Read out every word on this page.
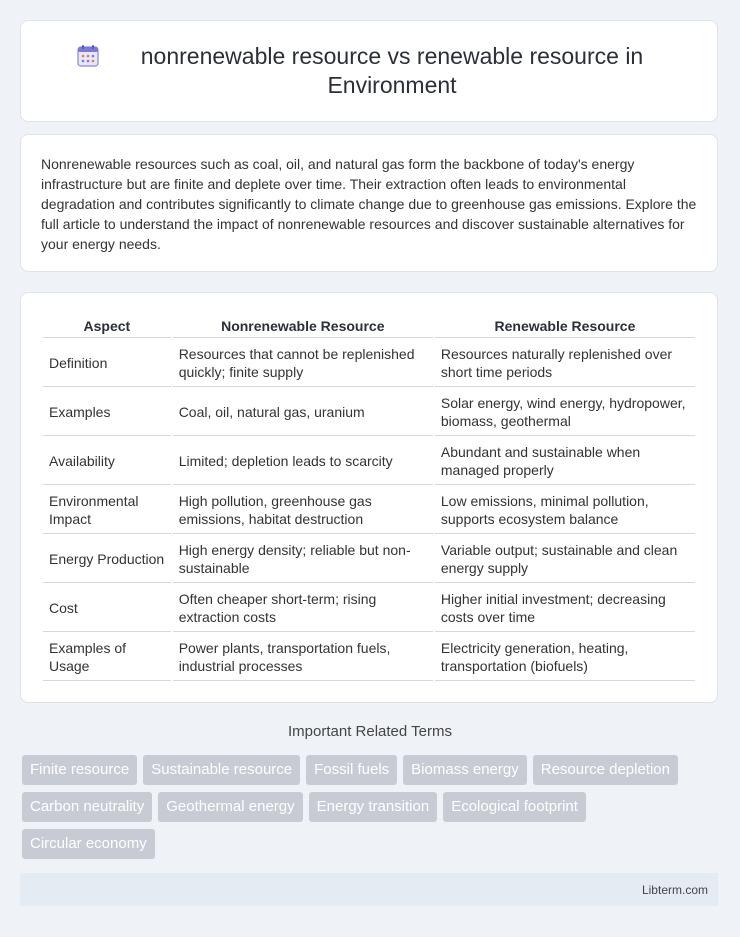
nonrenewable resource vs renewable resource in Environment

Nonrenewable resources such as coal, oil, and natural gas form the backbone of today's energy infrastructure but are finite and deplete over time. Their extraction often leads to environmental degradation and contributes significantly to climate change due to greenhouse gas emissions. Explore the full article to understand the impact of nonrenewable resources and discover sustainable alternatives for your energy needs.

Aspect	Nonrenewable Resource	Renewable Resource
Definition	Resources that cannot be replenished quickly; finite supply	Resources naturally replenished over short time periods
Examples	Coal, oil, natural gas, uranium	Solar energy, wind energy, hydropower, biomass, geothermal
Availability	Limited; depletion leads to scarcity	Abundant and sustainable when managed properly
Environmental Impact	High pollution, greenhouse gas emissions, habitat destruction	Low emissions, minimal pollution, supports ecosystem balance
Energy Production	High energy density; reliable but non-sustainable	Variable output; sustainable and clean energy supply
Cost	Often cheaper short-term; rising extraction costs	Higher initial investment; decreasing costs over time
Examples of Usage	Power plants, transportation fuels, industrial processes	Electricity generation, heating, transportation (biofuels)
Important Related Terms
Finite resource	Sustainable resource	Fossil fuels	Biomass energy	Resource depletion
Carbon neutrality	Geothermal energy	Energy transition	Ecological footprint
Circular economy
Libterm.com
